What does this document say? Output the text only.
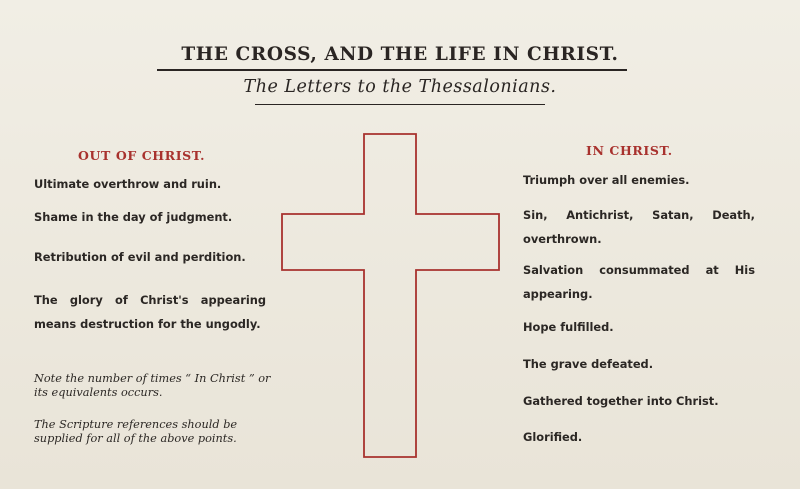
THE CROSS, AND THE LIFE IN CHRIST.
The Letters to the Thessalonians.
OUT OF CHRIST.

Ultimate overthrow and ruin.

Shame in the day of judgment.

Retribution of evil and perdition.

The glory of Christ's appearing means destruction for the ungodly.

Note the number of times “ In Christ ” or its equivalents occurs.

The Scripture references should be supplied for all of the above points.

IN CHRIST.

Triumph over all enemies.

Sin, Antichrist, Satan, Death, overthrown.

Salvation consummated at His appearing.

Hope fulfilled.

The grave defeated.

Gathered together into Christ.

Glorified.
